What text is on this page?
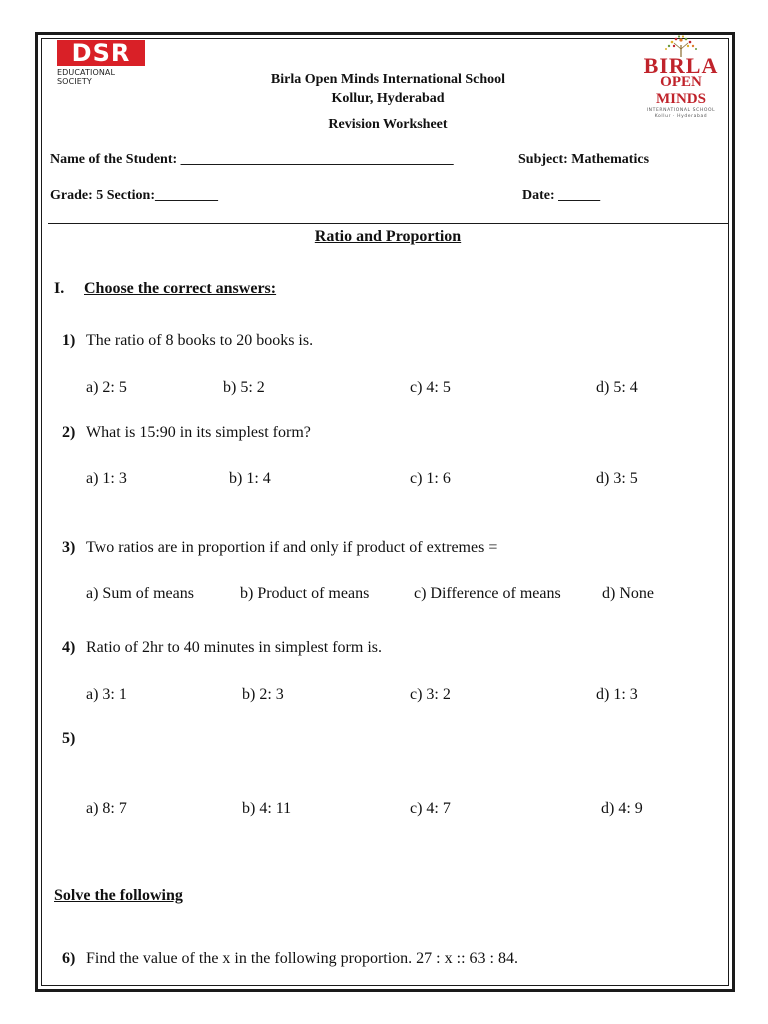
DSR
EDUCATIONAL SOCIETY
BIRLA
OPEN MINDS
INTERNATIONAL SCHOOL
Kollur · Hyderabad
Birla Open Minds International School
Kollur, Hyderabad
Revision Worksheet
Name of the Student: _______________________________________	Subject: Mathematics
Grade: 5 Section:_________	Date: ______
Ratio and Proportion
I. Choose the correct answers:
1) The ratio of 8 books to 20 books is.
a) 2: 5	b) 5: 2	c) 4: 5	d) 5: 4
2) What is 15:90 in its simplest form?
a) 1: 3	b) 1: 4	c) 1: 6	d) 3: 5
3) Two ratios are in proportion if and only if product of extremes =
a) Sum of means	b) Product of means	c) Difference of means	d) None
4) Ratio of 2hr to 40 minutes in simplest form is.
a) 3: 1	b) 2: 3	c) 3: 2	d) 1: 3
5)
a) 8: 7	b) 4: 11	c) 4: 7	d) 4: 9
Solve the following
6) Find the value of the x in the following proportion. 27 : x :: 63 : 84.
